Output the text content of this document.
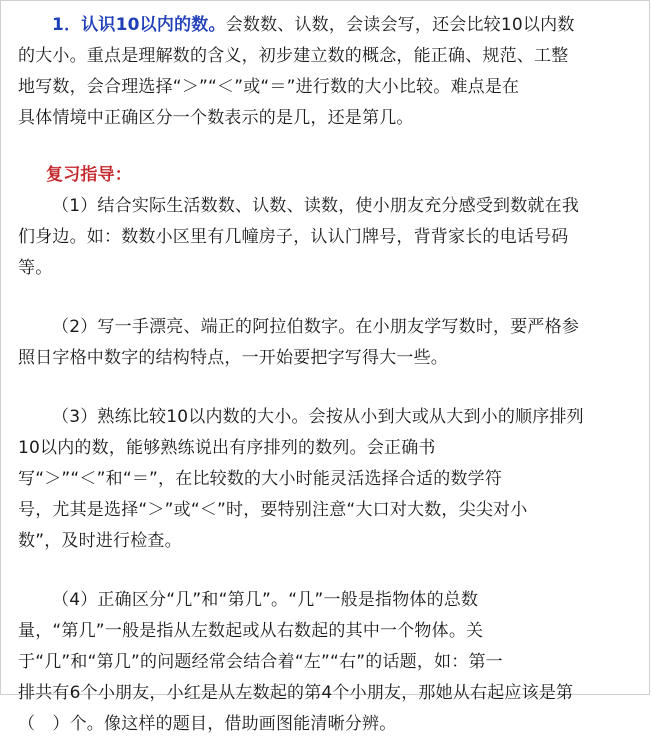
1．认识10以内的数。会数数、认数，会读会写，还会比较10以内数

的大小。重点是理解数的含义，初步建立数的概念，能正确、规范、工整

地写数，会合理选择“＞”“＜”或“＝”进行数的大小比较。难点是在

具体情境中正确区分一个数表示的是几，还是第几。

复习指导：

（1）结合实际生活数数、认数、读数，使小朋友充分感受到数就在我

们身边。如：数数小区里有几幢房子，认认门牌号，背背家长的电话号码

等。

（2）写一手漂亮、端正的阿拉伯数字。在小朋友学写数时，要严格参

照日字格中数字的结构特点，一开始要把字写得大一些。

（3）熟练比较10以内数的大小。会按从小到大或从大到小的顺序排列

10以内的数，能够熟练说出有序排列的数列。会正确书

写“＞”“＜”和“＝”，在比较数的大小时能灵活选择合适的数学符

号，尤其是选择“＞”或“＜”时，要特别注意“大口对大数，尖尖对小

数”，及时进行检查。

（4）正确区分“几”和“第几”。“几”一般是指物体的总数

量，“第几”一般是指从左数起或从右数起的其中一个物体。关

于“几”和“第几”的问题经常会结合着“左”“右”的话题，如：第一

排共有6个小朋友，小红是从左数起的第4个小朋友，那她从右起应该是第

（　）个。像这样的题目，借助画图能清晰分辨。
